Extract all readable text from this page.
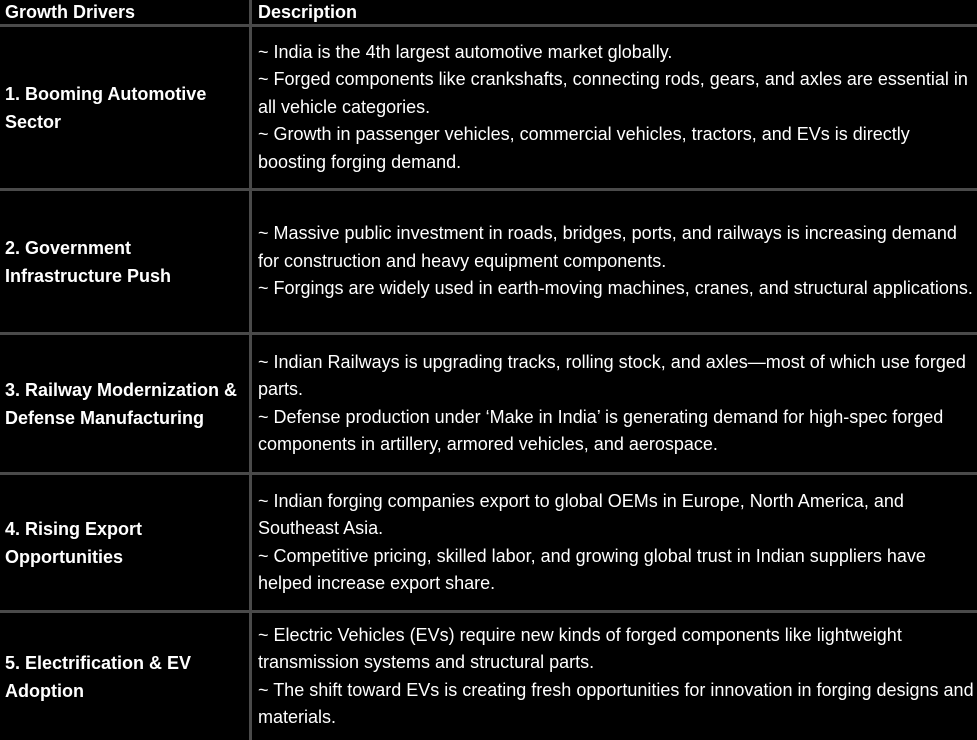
Growth Drivers	Description
1. Booming Automotive Sector
~ India is the 4th largest automotive market globally.
~ Forged components like crankshafts, connecting rods, gears, and axles are essential in all vehicle categories.
~ Growth in passenger vehicles, commercial vehicles, tractors, and EVs is directly boosting forging demand.
2. Government Infrastructure Push
~ Massive public investment in roads, bridges, ports, and railways is increasing demand for construction and heavy equipment components.
~ Forgings are widely used in earth-moving machines, cranes, and structural applications.
3. Railway Modernization & Defense Manufacturing
~ Indian Railways is upgrading tracks, rolling stock, and axles—most of which use forged parts.
~ Defense production under ‘Make in India’ is generating demand for high-spec forged components in artillery, armored vehicles, and aerospace.
4. Rising Export Opportunities
~ Indian forging companies export to global OEMs in Europe, North America, and Southeast Asia.
~ Competitive pricing, skilled labor, and growing global trust in Indian suppliers have helped increase export share.
5. Electrification & EV Adoption
~ Electric Vehicles (EVs) require new kinds of forged components like lightweight transmission systems and structural parts.
~ The shift toward EVs is creating fresh opportunities for innovation in forging designs and materials.
